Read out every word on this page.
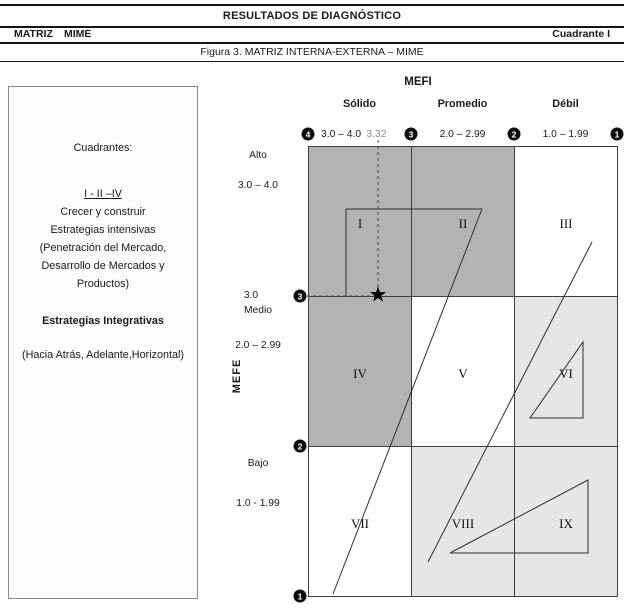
RESULTADOS DE DIAGNÓSTICO
MATRIZ MIME	Cuadrante I
Figura 3. MATRIZ INTERNA-EXTERNA – MIME
Cuadrantes:
I - II –IV
Crecer y construir
Estrategias intensivas
(Penetración del Mercado,
Desarrollo de Mercados y
Productos)
Estrategias Integrativas
(Hacia Atrás, Adelante,Horizontal)
MEFI
Sólido	Promedio	Débil
3.0 – 4.0	2.0 – 2.99	1.0 – 1.99
3.32
MEFE
Alto
3.0 – 4.0
3.0
Medio
2.0 – 2.99
Bajo
1.0 - 1.99
I	II	III
IV	V	VI
VII	VIII	IX
★
4	3	2	1
3
2
1
